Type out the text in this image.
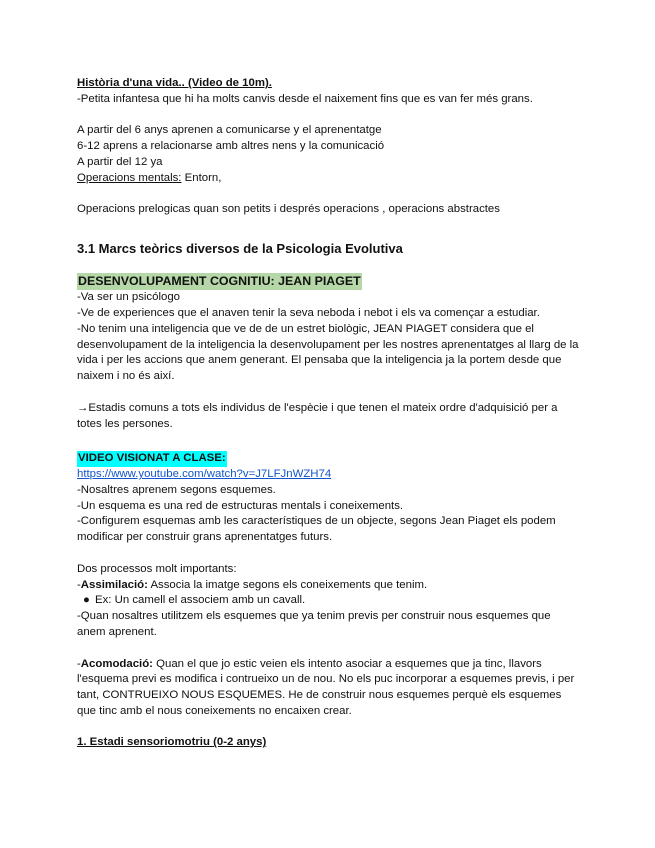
Història d'una vida.. (Video de 10m).
-Petita infantesa que hi ha molts canvis desde el naixement fins que es van fer més grans.
A partir del 6 anys aprenen a comunicarse y el aprenentatge
6-12 aprens a relacionarse amb altres nens y la comunicació
A partir del 12 ya
Operacions mentals: Entorn,
Operacions prelogicas quan son petits i després operacions , operacions abstractes
3.1 Marcs teòrics diversos de la Psicologia Evolutiva
DESENVOLUPAMENT COGNITIU: JEAN PIAGET
-Va ser un psicólogo
-Ve de experiences que el anaven tenir la seva neboda i nebot i els va començar a estudiar.
-No tenim una inteligencia que ve de de un estret biològic, JEAN PIAGET considera que el desenvolupament de la inteligencia la desenvolupament per les nostres aprenentatges al llarg de la vida i per les accions que anem generant. El pensaba que la inteligencia ja la portem desde que naixem i no és així.
→Estadis comuns a tots els individus de l'espècie i que tenen el mateix ordre d'adquisició per a totes les persones.
VIDEO VISIONAT A CLASE:
https://www.youtube.com/watch?v=J7LFJnWZH74
-Nosaltres aprenem segons esquemes.
-Un esquema es una red de estructuras mentals i coneixements.
-Configurem esquemas amb les característiques de un objecte, segons Jean Piaget els podem modificar per construir grans aprenentatges futurs.
Dos processos molt importants:
-Assimilació: Associa la imatge segons els coneixements que tenim.
● Ex: Un camell el associem amb un cavall.
-Quan nosaltres utilitzem els esquemes que ya tenim previs per construir nous esquemes que anem aprenent.
-Acomodació: Quan el que jo estic veien els intento asociar a esquemes que ja tinc, llavors l'esquema previ es modifica i contrueixo un de nou. No els puc incorporar a esquemes previs, i per tant, CONTRUEIXO NOUS ESQUEMES. He de construir nous esquemes perquè els esquemes que tinc amb el nous coneixements no encaixen crear.
1. Estadi sensoriomotriu (0-2 anys)
